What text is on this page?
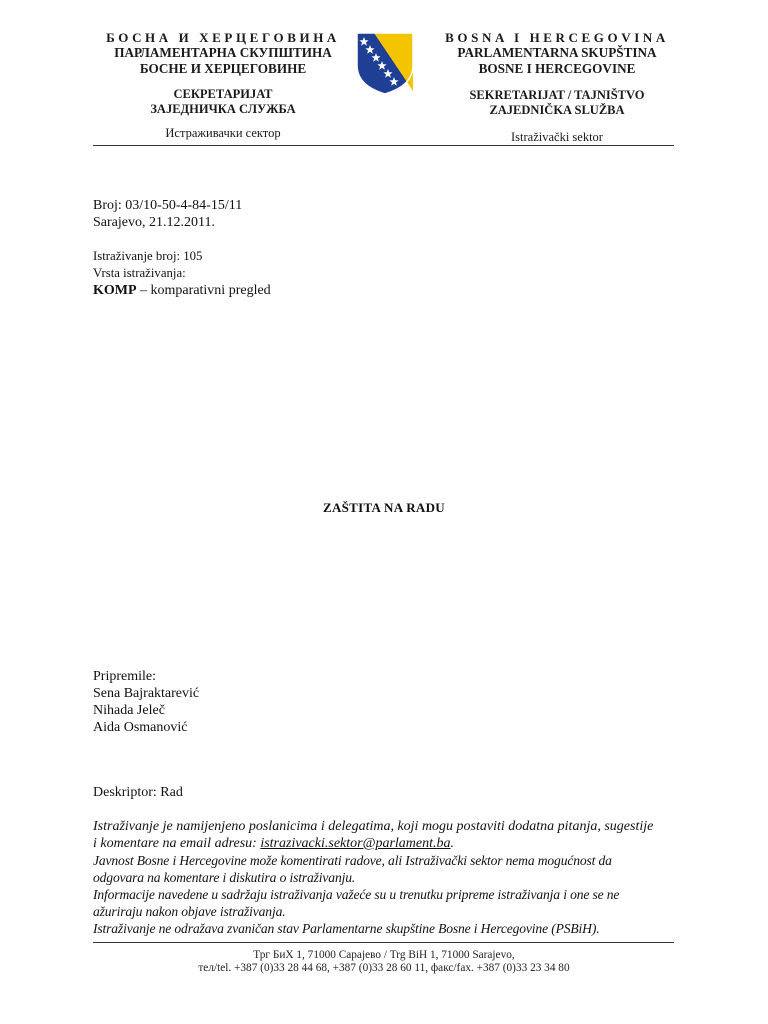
БОСНА И ХЕРЦЕГОВИНА
ПАРЛАМЕНТАРНА СКУПШТИНА
БОСНЕ И ХЕРЦЕГОВИНЕ
СЕКРЕТАРИЈАТ
ЗАЈЕДНИЧКА СЛУЖБА
Истраживачки сектор
BOSNA I HERCEGOVINA
PARLAMENTARNA SKUPŠTINA
BOSNE I HERCEGOVINE
SEKRETARIJAT / TAJNIŠTVO
ZAJEDNIČKA SLUŽBA
Istraživački sektor
Broj: 03/10-50-4-84-15/11
Sarajevo, 21.12.2011.
Istraživanje broj: 105
Vrsta istraživanja:
KOMP – komparativni pregled
ZAŠTITA NA RADU
Pripremile:
Sena Bajraktarević
Nihada Jeleč
Aida Osmanović
Deskriptor: Rad
Istraživanje je namijenjeno poslanicima i delegatima, koji mogu postaviti dodatna pitanja, sugestije
i komentare na email adresu: istrazivacki.sektor@parlament.ba.
Javnost Bosne i Hercegovine može komentirati radove, ali Istraživački sektor nema mogućnost da
odgovara na komentare i diskutira o istraživanju.
Informacije navedene u sadržaju istraživanja važeće su u trenutku pripreme istraživanja i one se ne
ažuriraju nakon objave istraživanja.
Istraživanje ne odražava zvaničan stav Parlamentarne skupštine Bosne i Hercegovine (PSBiH).
Трг БиХ 1, 71000 Сарајево / Trg BiH 1, 71000 Sarajevo,
тел/tel. +387 (0)33 28 44 68, +387 (0)33 28 60 11, факс/fax. +387 (0)33 23 34 80
